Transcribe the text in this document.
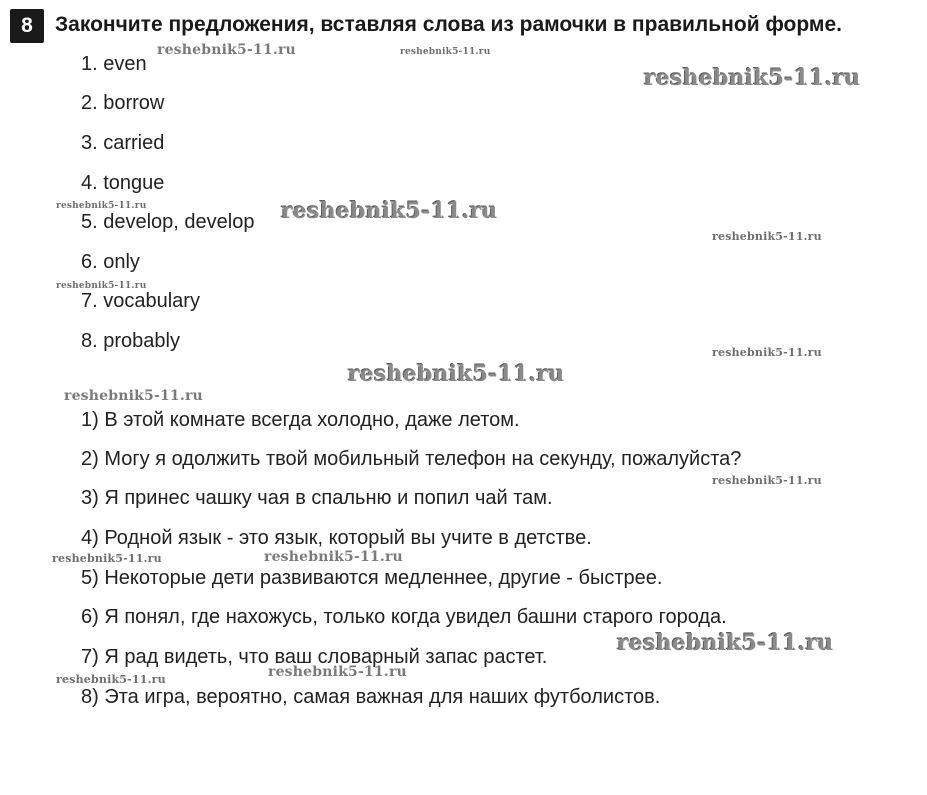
8	Закончите предложения, вставляя слова из рамочки в правильной форме.
1. even
2. borrow
3. carried
4. tongue
5. develop, develop
6. only
7. vocabulary
8. probably
1) В этой комнате всегда холодно, даже летом.
2) Могу я одолжить твой мобильный телефон на секунду, пожалуйста?
3) Я принес чашку чая в спальню и попил чай там.
4) Родной язык - это язык, который вы учите в детстве.
5) Некоторые дети развиваются медленнее, другие - быстрее.
6) Я понял, где нахожусь, только когда увидел башни старого города.
7) Я рад видеть, что ваш словарный запас растет.
8) Эта игра, вероятно, самая важная для наших футболистов.
reshebnik5-11.ru	reshebnik5-11.ru
reshebnik5-11.ru
reshebnik5-11.ru	reshebnik5-11.ru
reshebnik5-11.ru
reshebnik5-11.ru
reshebnik5-11.ru
reshebnik5-11.ru
reshebnik5-11.ru
reshebnik5-11.ru
reshebnik5-11.ru	reshebnik5-11.ru
reshebnik5-11.ru
reshebnik5-11.ru
reshebnik5-11.ru
